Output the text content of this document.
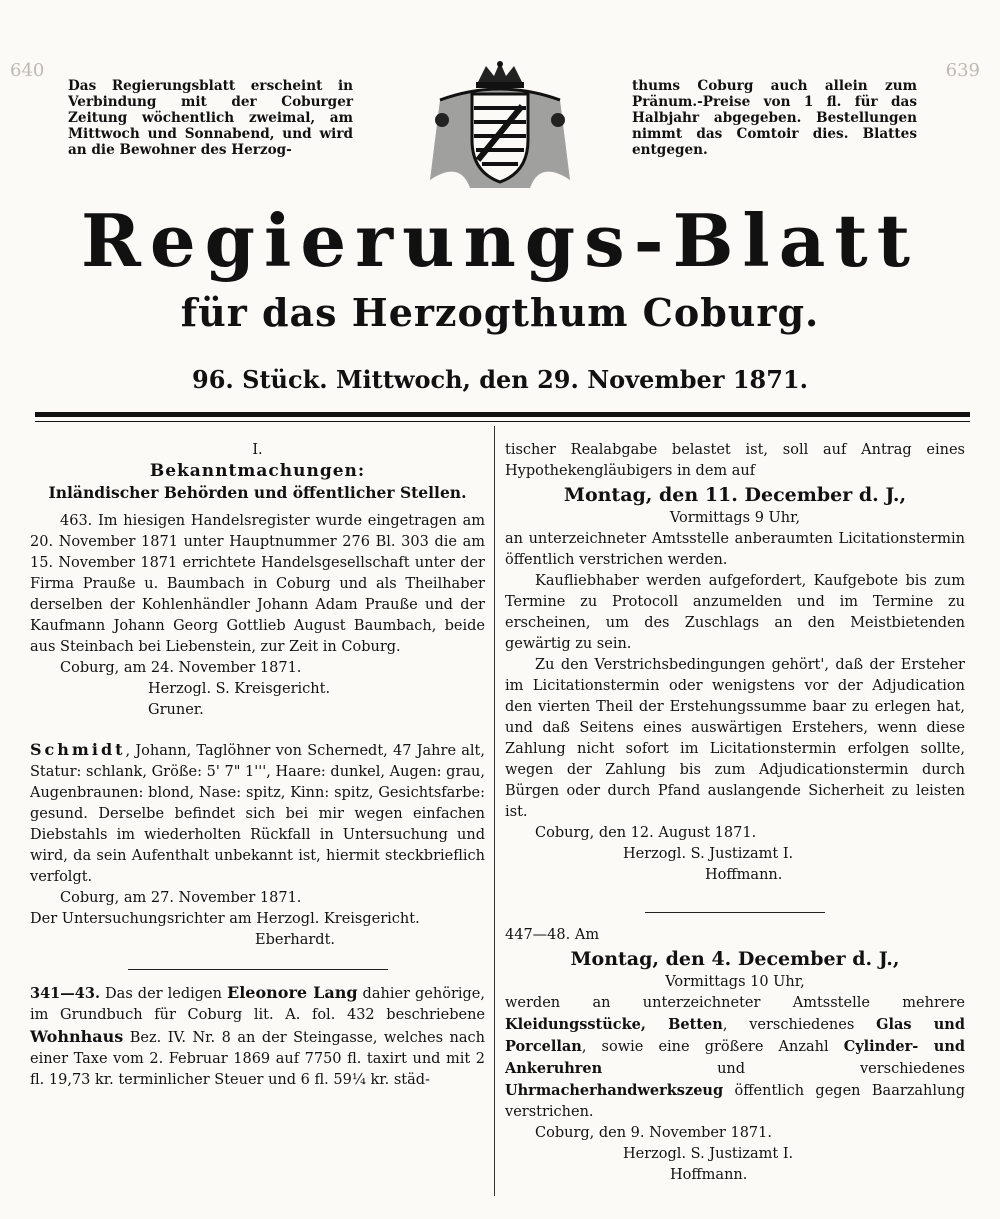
640	639
Das Regierungsblatt erscheint in Verbindung mit der Coburger Zeitung wöchentlich zweimal, am Mittwoch und Sonnabend, und wird an die Bewohner des Herzog-
thums Coburg auch allein zum Pränum.-Preise von 1 fl. für das Halbjahr abgegeben. Bestellungen nimmt das Comtoir dies. Blattes entgegen.
Regierungs-Blatt
für das Herzogthum Coburg.
96. Stück. Mittwoch, den 29. November 1871.

I.

Bekanntmachungen:

Inländischer Behörden und öffentlicher Stellen.

463. Im hiesigen Handelsregister wurde eingetragen am 20. November 1871 unter Hauptnummer 276 Bl. 303 die am 15. November 1871 errichtete Handelsgesellschaft unter der Firma Prauße u. Baumbach in Coburg und als Theilhaber derselben der Kohlenhändler Johann Adam Prauße und der Kaufmann Johann Georg Gottlieb August Baumbach, beide aus Steinbach bei Liebenstein, zur Zeit in Coburg.

Coburg, am 24. November 1871.

Herzogl. S. Kreisgericht.

Gruner.

Schmidt, Johann, Taglöhner von Schernedt, 47 Jahre alt, Statur: schlank, Größe: 5' 7" 1''', Haare: dunkel, Augen: grau, Augenbraunen: blond, Nase: spitz, Kinn: spitz, Gesichtsfarbe: gesund. Derselbe befindet sich bei mir wegen einfachen Diebstahls im wiederholten Rückfall in Untersuchung und wird, da sein Aufenthalt unbekannt ist, hiermit steckbrieflich verfolgt.

Coburg, am 27. November 1871.

Der Untersuchungsrichter am Herzogl. Kreisgericht.

Eberhardt.

341—43. Das der ledigen Eleonore Lang dahier gehörige, im Grundbuch für Coburg lit. A. fol. 432 beschriebene Wohnhaus Bez. IV. Nr. 8 an der Steingasse, welches nach einer Taxe vom 2. Februar 1869 auf 7750 fl. taxirt und mit 2 fl. 19,73 kr. terminlicher Steuer und 6 fl. 59¼ kr. städ-

tischer Realabgabe belastet ist, soll auf Antrag eines Hypothekengläubigers in dem auf

Montag, den 11. December d. J.,

Vormittags 9 Uhr,

an unterzeichneter Amtsstelle anberaumten Licitationstermin öffentlich verstrichen werden.

Kaufliebhaber werden aufgefordert, Kaufgebote bis zum Termine zu Protocoll anzumelden und im Termine zu erscheinen, um des Zuschlags an den Meistbietenden gewärtig zu sein.

Zu den Verstrichsbedingungen gehört', daß der Ersteher im Licitationstermin oder wenigstens vor der Adjudication den vierten Theil der Erstehungssumme baar zu erlegen hat, und daß Seitens eines auswärtigen Erstehers, wenn diese Zahlung nicht sofort im Licitationstermin erfolgen sollte, wegen der Zahlung bis zum Adjudicationstermin durch Bürgen oder durch Pfand auslangende Sicherheit zu leisten ist.

Coburg, den 12. August 1871.

Herzogl. S. Justizamt I.

Hoffmann.

447—48. Am

Montag, den 4. December d. J.,

Vormittags 10 Uhr,

werden an unterzeichneter Amtsstelle mehrere Kleidungsstücke, Betten, verschiedenes Glas und Porcellan, sowie eine größere Anzahl Cylinder- und Ankeruhren und verschiedenes Uhrmacherhandwerkszeug öffentlich gegen Baarzahlung verstrichen.

Coburg, den 9. November 1871.

Herzogl. S. Justizamt I.

Hoffmann.
